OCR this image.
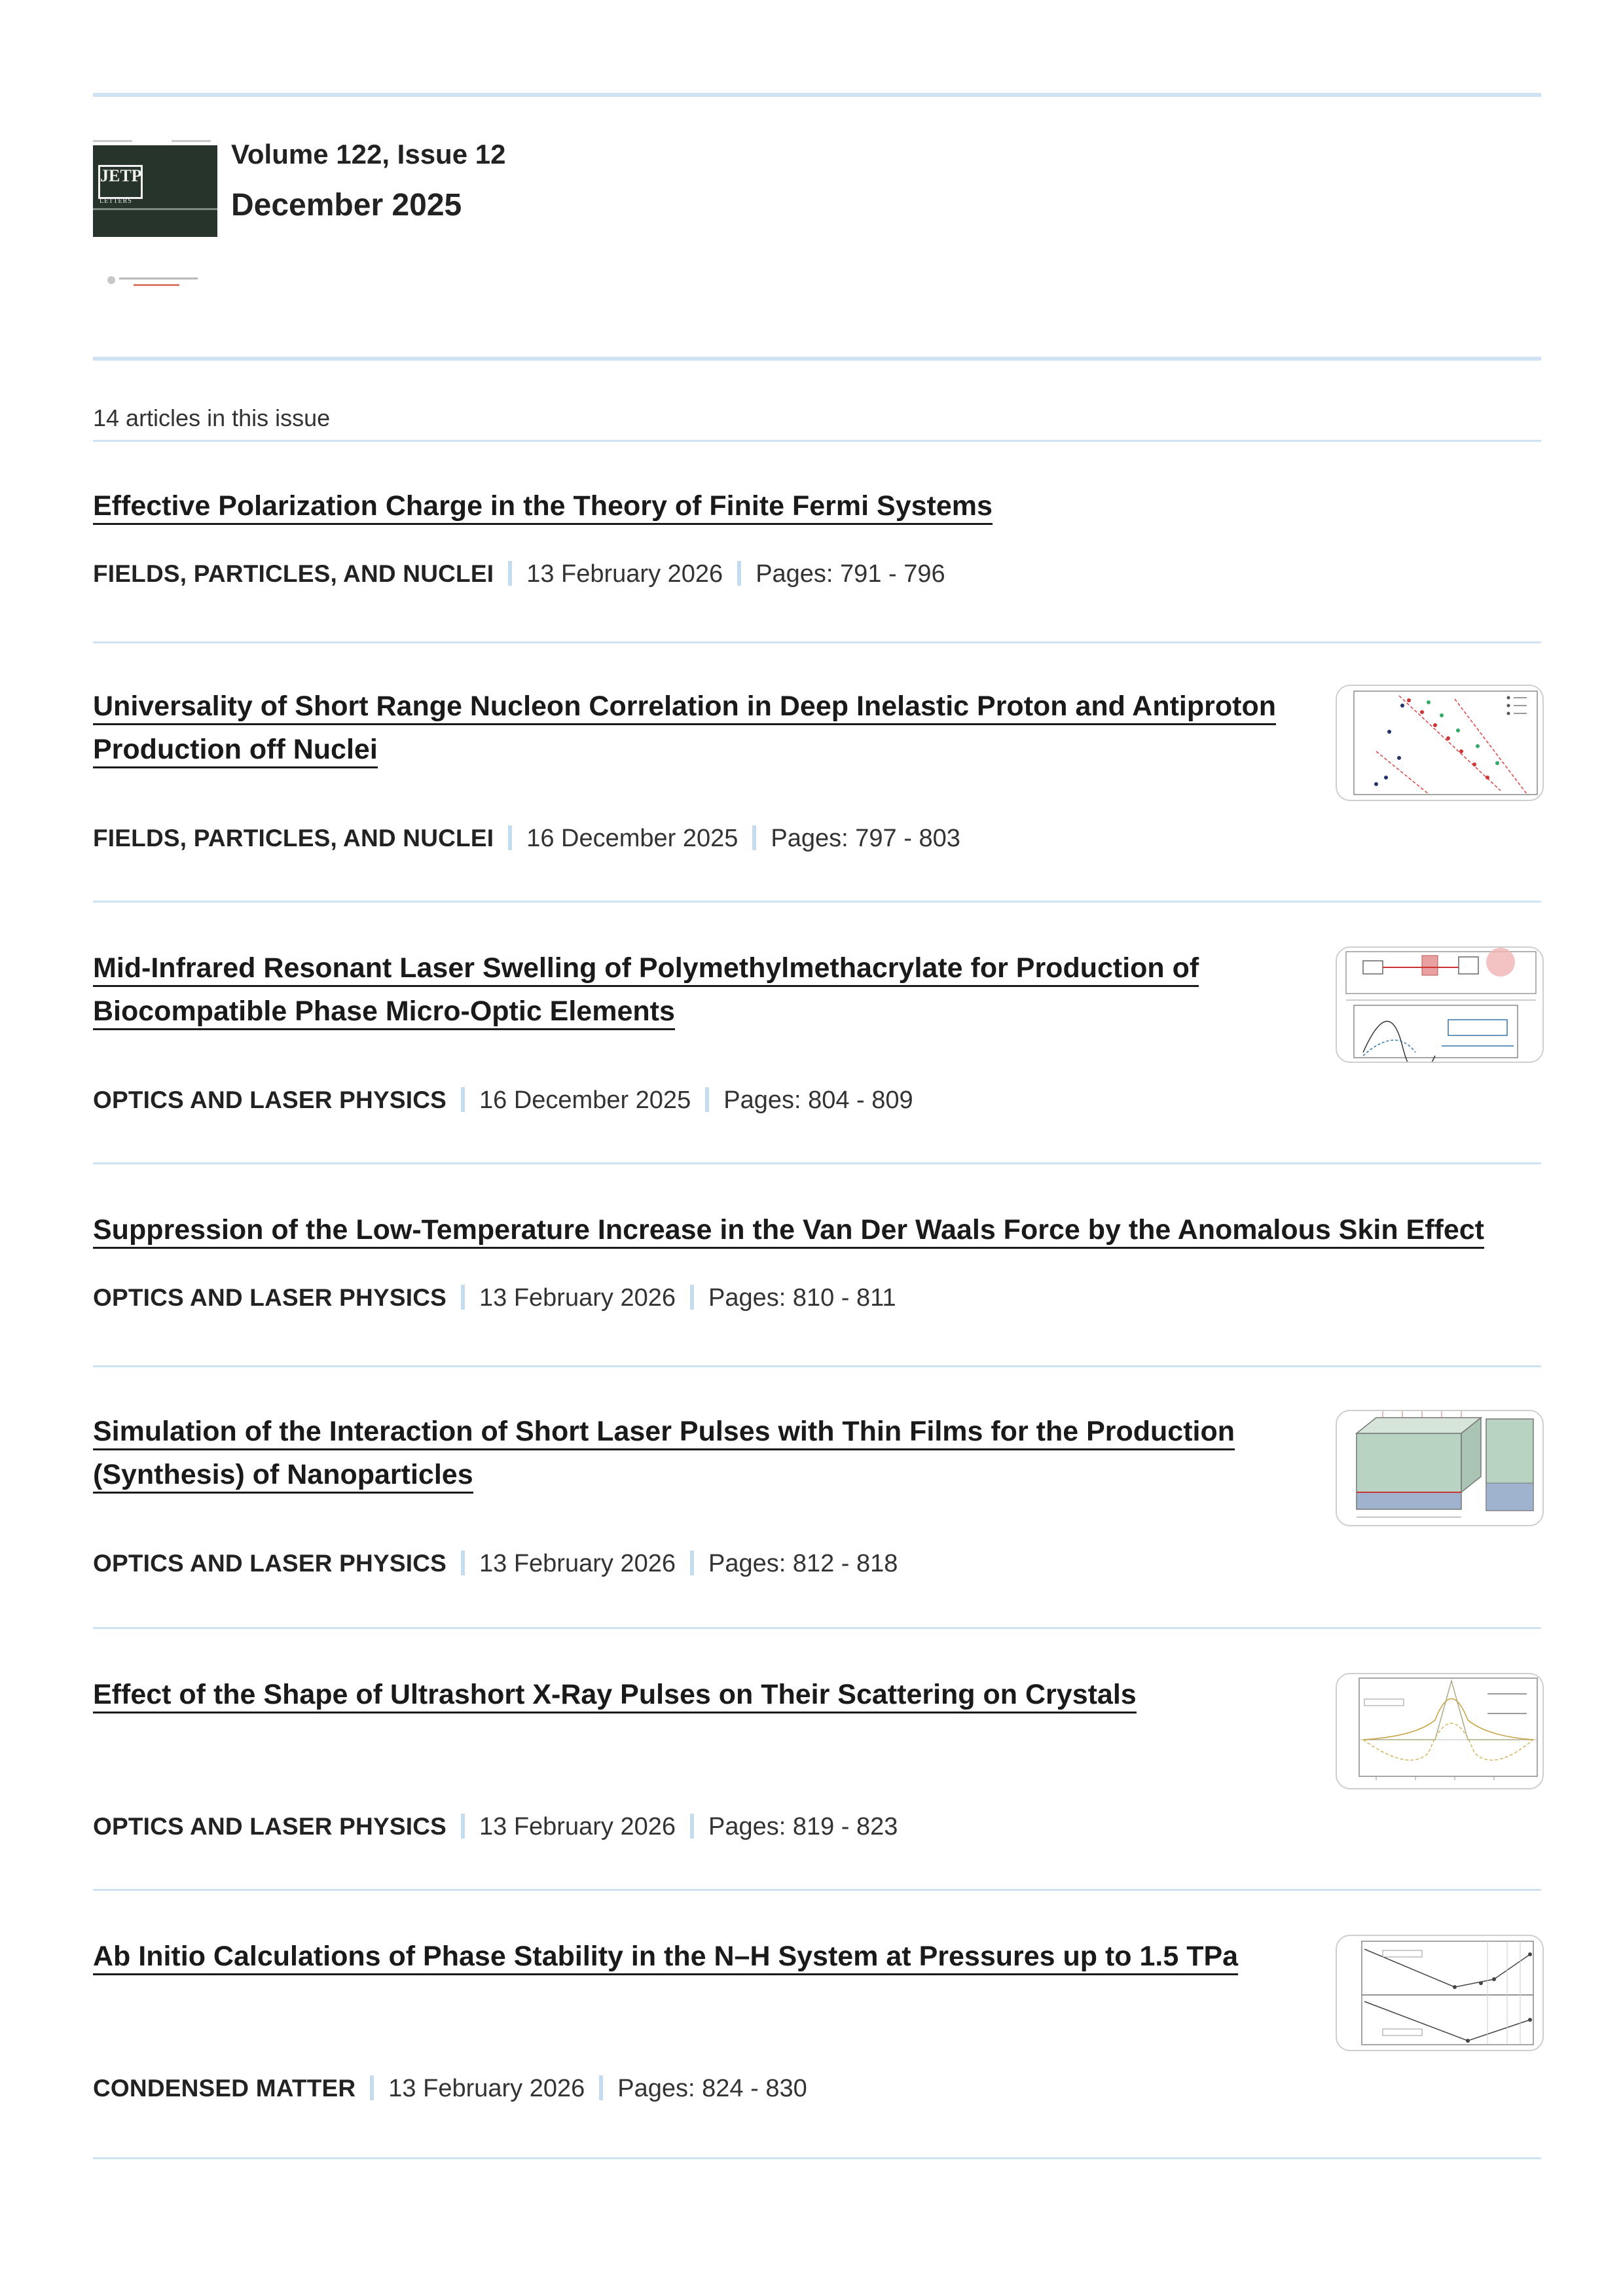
JETP
LETTERS
Volume 122, Issue 12
December 2025
14 articles in this issue
Effective Polarization Charge in the Theory of Finite Fermi Systems
FIELDS, PARTICLES, AND NUCLEI 13 February 2026 Pages: 791 - 796
Universality of Short Range Nucleon Correlation in Deep Inelastic Proton and Antiproton Production off Nuclei
FIELDS, PARTICLES, AND NUCLEI 16 December 2025 Pages: 797 - 803
Mid-Infrared Resonant Laser Swelling of Polymethylmethacrylate for Production of Biocompatible Phase Micro-Optic Elements
OPTICS AND LASER PHYSICS 16 December 2025 Pages: 804 - 809
Suppression of the Low-Temperature Increase in the Van Der Waals Force by the Anomalous Skin Effect
OPTICS AND LASER PHYSICS 13 February 2026 Pages: 810 - 811
Simulation of the Interaction of Short Laser Pulses with Thin Films for the Production (Synthesis) of Nanoparticles
OPTICS AND LASER PHYSICS 13 February 2026 Pages: 812 - 818
Effect of the Shape of Ultrashort X-Ray Pulses on Their Scattering on Crystals
OPTICS AND LASER PHYSICS 13 February 2026 Pages: 819 - 823
Ab Initio Calculations of Phase Stability in the N–H System at Pressures up to 1.5 TPa
CONDENSED MATTER 13 February 2026 Pages: 824 - 830
